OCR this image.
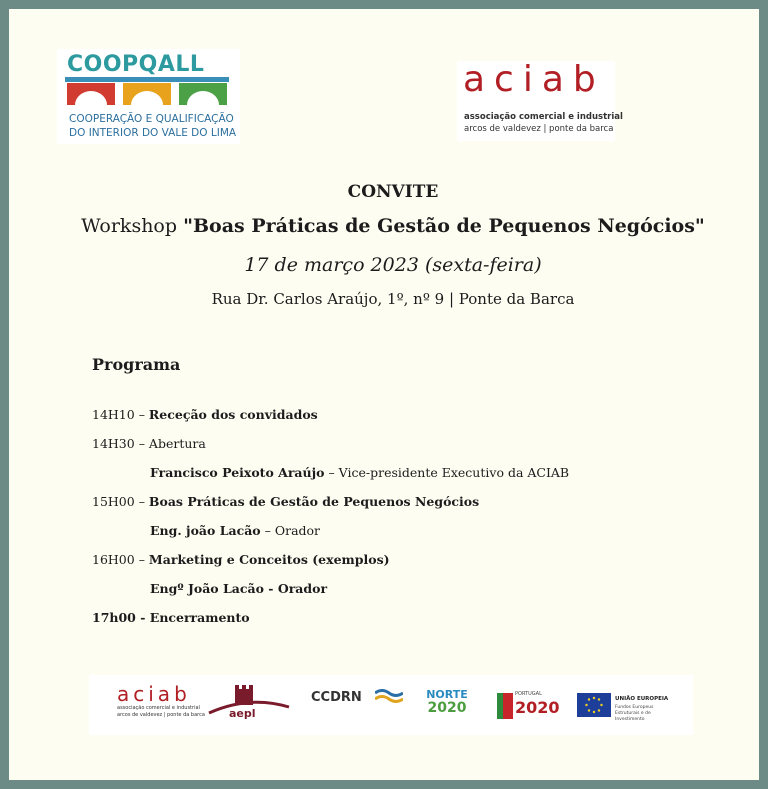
COOPQALL
COOPERAÇÃO E QUALIFICAÇÃO
DO INTERIOR DO VALE DO LIMA
aciab
associação comercial e industrial
arcos de valdevez | ponte da barca
CONVITE
Workshop "Boas Práticas de Gestão de Pequenos Negócios"
17 de março 2023 (sexta-feira)
Rua Dr. Carlos Araújo, 1º, nº 9 | Ponte da Barca
Programa
14H10 – Receção dos convidados
14H30 – Abertura
Francisco Peixoto Araújo – Vice-presidente Executivo da ACIAB
15H00 – Boas Práticas de Gestão de Pequenos Negócios
Eng. joão Lacão – Orador
16H00 – Marketing e Conceitos (exemplos)
Engº João Lacão - Orador
17h00 - Encerramento
aciab
associação comercial e industrial
arcos de valdevez | ponte da barca aepl
CCDRN	NORTE
2020
PORTUGAL
2020	UNIÃO EUROPEIA
Fundos Europeus Estruturais e de Investimento
